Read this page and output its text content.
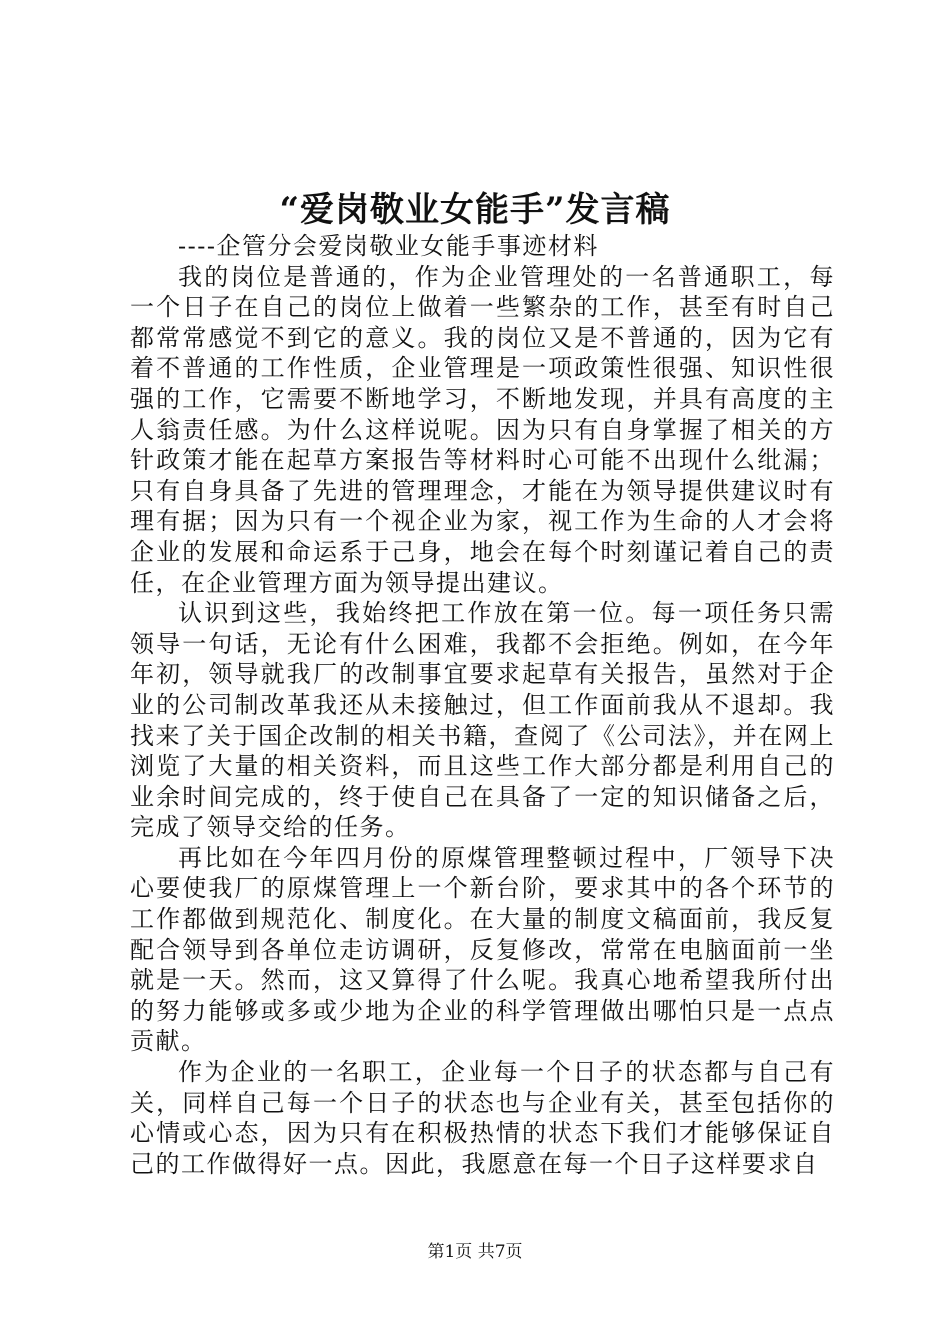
“爱岗敬业女能手”发言稿

----企管分会爱岗敬业女能手事迹材料

我的岗位是普通的，作为企业管理处的一名普通职工，每一个日子在自己的岗位上做着一些繁杂的工作，甚至有时自己都常常感觉不到它的意义。我的岗位又是不普通的，因为它有着不普通的工作性质，企业管理是一项政策性很强、知识性很强的工作，它需要不断地学习，不断地发现，并具有高度的主人翁责任感。为什么这样说呢。因为只有自身掌握了相关的方针政策才能在起草方案报告等材料时心可能不出现什么纰漏；只有自身具备了先进的管理理念，才能在为领导提供建议时有理有据；因为只有一个视企业为家，视工作为生命的人才会将企业的发展和命运系于己身，地会在每个时刻谨记着自己的责任，在企业管理方面为领导提出建议。

认识到这些，我始终把工作放在第一位。每一项任务只需领导一句话，无论有什么困难，我都不会拒绝。例如，在今年年初，领导就我厂的改制事宜要求起草有关报告，虽然对于企业的公司制改革我还从未接触过，但工作面前我从不退却。我找来了关于国企改制的相关书籍，查阅了《公司法》，并在网上浏览了大量的相关资料，而且这些工作大部分都是利用自己的业余时间完成的，终于使自己在具备了一定的知识储备之后，完成了领导交给的任务。

再比如在今年四月份的原煤管理整顿过程中，厂领导下决心要使我厂的原煤管理上一个新台阶，要求其中的各个环节的工作都做到规范化、制度化。在大量的制度文稿面前，我反复配合领导到各单位走访调研，反复修改，常常在电脑面前一坐就是一天。然而，这又算得了什么呢。我真心地希望我所付出的努力能够或多或少地为企业的科学管理做出哪怕只是一点点贡献。

作为企业的一名职工，企业每一个日子的状态都与自己有关，同样自己每一个日子的状态也与企业有关，甚至包括你的心情或心态，因为只有在积极热情的状态下我们才能够保证自己的工作做得好一点。因此，我愿意在每一个日子这样要求自

第1页 共7页
